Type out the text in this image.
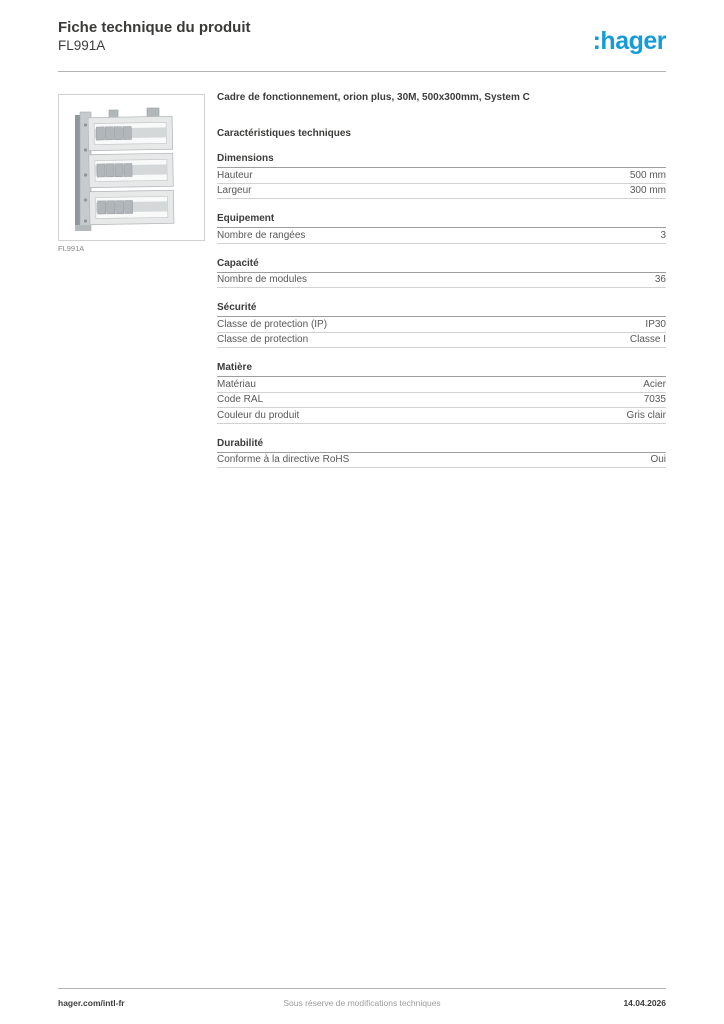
Fiche technique du produit
FL991A	:hager
FL991A
Cadre de fonctionnement, orion plus, 30M, 500x300mm, System C
Caractéristiques techniques
Dimensions
Hauteur	500 mm
Largeur	300 mm
Equipement
Nombre de rangées	3
Capacité
Nombre de modules	36
Sécurité
Classe de protection (IP)	IP30
Classe de protection	Classe I
Matière
Matériau	Acier
Code RAL	7035
Couleur du produit	Gris clair
Durabilité
Conforme à la directive RoHS	Oui
hager.com/intl-fr	Sous réserve de modifications techniques	14.04.2026
